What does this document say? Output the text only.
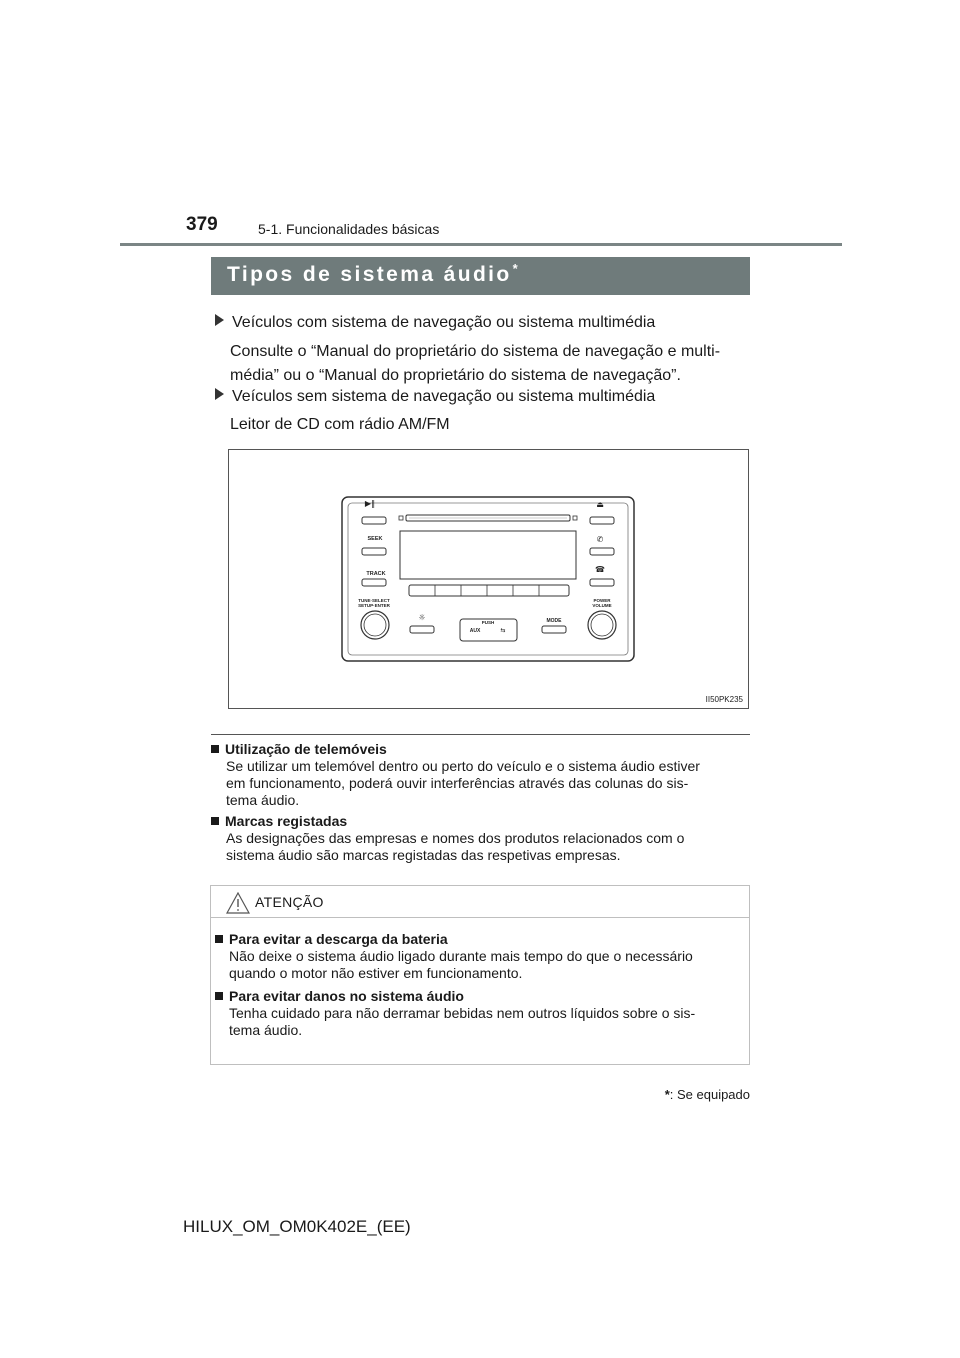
379	5-1. Funcionalidades básicas
Tipos de sistema áudio*
Veículos com sistema de navegação ou sistema multimédia
Consulte o “Manual do proprietário do sistema de navegação e multi-
média” ou o “Manual do proprietário do sistema de navegação”.
Veículos sem sistema de navegação ou sistema multimédia
Leitor de CD com rádio AM/FM
▶‖
SEEK
TRACK
TUNE·SELECT
SETUP·ENTER
⏏
✆
☎
POWER
VOLUME
☼
PUSH
AUX	⇆
MODE
II50PK235
Utilização de telemóveis
Se utilizar um telemóvel dentro ou perto do veículo e o sistema áudio estiver
em funcionamento, poderá ouvir interferências através das colunas do sis-
tema áudio.
Marcas registadas
As designações das empresas e nomes dos produtos relacionados com o
sistema áudio são marcas registadas das respetivas empresas.
ATENÇÃO
Para evitar a descarga da bateria
Não deixe o sistema áudio ligado durante mais tempo do que o necessário
quando o motor não estiver em funcionamento.
Para evitar danos no sistema áudio
Tenha cuidado para não derramar bebidas nem outros líquidos sobre o sis-
tema áudio.
*: Se equipado
HILUX_OM_OM0K402E_(EE)
